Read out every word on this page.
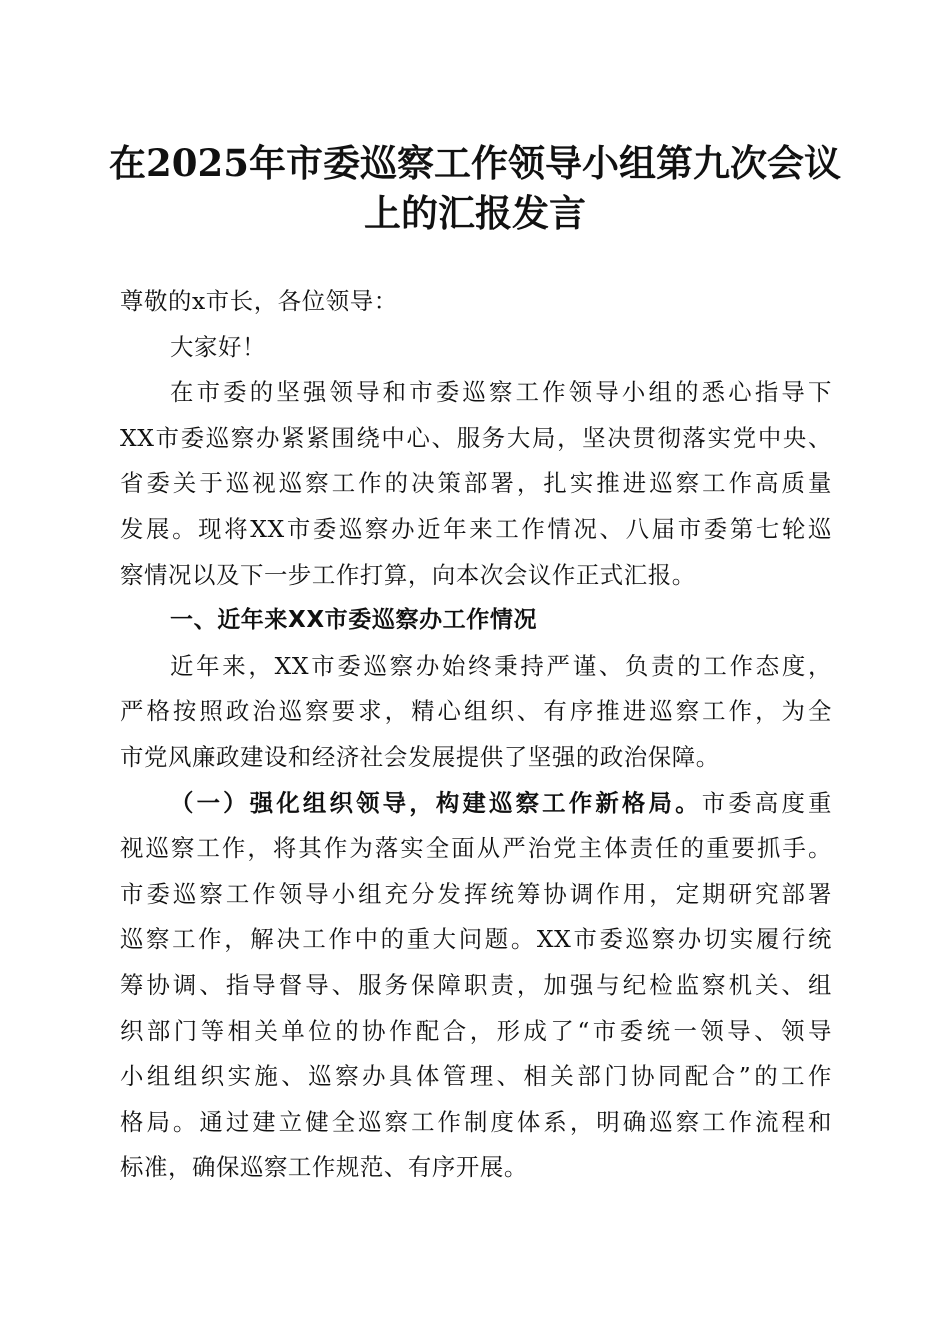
在2025年市委巡察工作领导小组第九次会议
上的汇报发言
尊敬的x市长，各位领导：
大家好！
在市委的坚强领导和市委巡察工作领导小组的悉心指导下
XX市委巡察办紧紧围绕中心、服务大局，坚决贯彻落实党中央、
省委关于巡视巡察工作的决策部署，扎实推进巡察工作高质量
发展。现将XX市委巡察办近年来工作情况、八届市委第七轮巡
察情况以及下一步工作打算，向本次会议作正式汇报。
一、近年来XX市委巡察办工作情况
近年来，XX市委巡察办始终秉持严谨、负责的工作态度，
严格按照政治巡察要求，精心组织、有序推进巡察工作，为全
市党风廉政建设和经济社会发展提供了坚强的政治保障。
（一）强化组织领导，构建巡察工作新格局。市委高度重
视巡察工作，将其作为落实全面从严治党主体责任的重要抓手。
市委巡察工作领导小组充分发挥统筹协调作用，定期研究部署
巡察工作，解决工作中的重大问题。XX市委巡察办切实履行统
筹协调、指导督导、服务保障职责，加强与纪检监察机关、组
织部门等相关单位的协作配合，形成了“市委统一领导、领导
小组组织实施、巡察办具体管理、相关部门协同配合”的工作
格局。通过建立健全巡察工作制度体系，明确巡察工作流程和
标准，确保巡察工作规范、有序开展。
